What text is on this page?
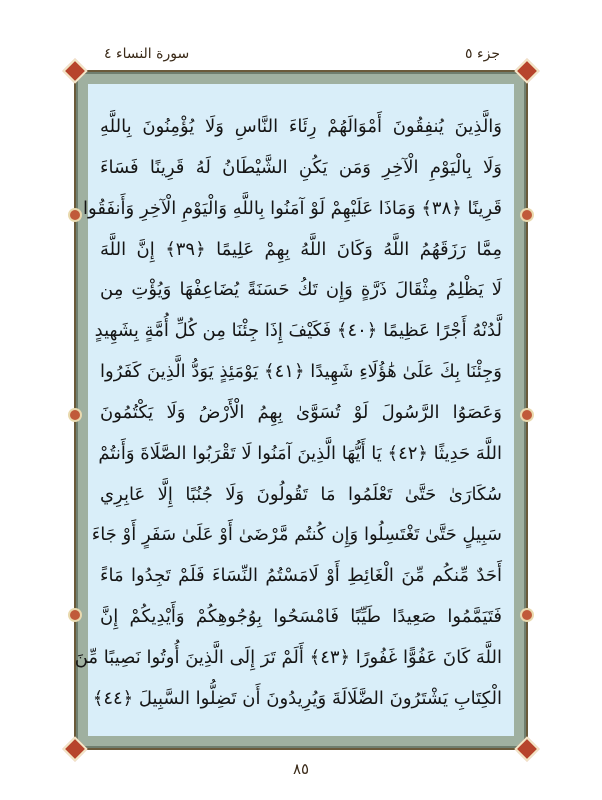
جزء ٥
سورة النساء ٤
وَالَّذِينَ يُنفِقُونَ أَمْوَالَهُمْ رِئَاءَ النَّاسِ وَلَا يُؤْمِنُونَ بِاللَّهِ
وَلَا بِالْيَوْمِ الْآخِرِ وَمَن يَكُنِ الشَّيْطَانُ لَهُ قَرِينًا فَسَاءَ
قَرِينًا ﴿٣٨﴾ وَمَاذَا عَلَيْهِمْ لَوْ آمَنُوا بِاللَّهِ وَالْيَوْمِ الْآخِرِ وَأَنفَقُوا
مِمَّا رَزَقَهُمُ اللَّهُ وَكَانَ اللَّهُ بِهِمْ عَلِيمًا ﴿٣٩﴾ إِنَّ اللَّهَ
لَا يَظْلِمُ مِثْقَالَ ذَرَّةٍ وَإِن تَكُ حَسَنَةً يُضَاعِفْهَا وَيُؤْتِ مِن
لَّدُنْهُ أَجْرًا عَظِيمًا ﴿٤٠﴾ فَكَيْفَ إِذَا جِئْنَا مِن كُلِّ أُمَّةٍ بِشَهِيدٍ
وَجِئْنَا بِكَ عَلَىٰ هَٰؤُلَاءِ شَهِيدًا ﴿٤١﴾ يَوْمَئِذٍ يَوَدُّ الَّذِينَ كَفَرُوا
وَعَصَوُا الرَّسُولَ لَوْ تُسَوَّىٰ بِهِمُ الْأَرْضُ وَلَا يَكْتُمُونَ
اللَّهَ حَدِيثًا ﴿٤٢﴾ يَا أَيُّهَا الَّذِينَ آمَنُوا لَا تَقْرَبُوا الصَّلَاةَ وَأَنتُمْ
سُكَارَىٰ حَتَّىٰ تَعْلَمُوا مَا تَقُولُونَ وَلَا جُنُبًا إِلَّا عَابِرِي
سَبِيلٍ حَتَّىٰ تَغْتَسِلُوا وَإِن كُنتُم مَّرْضَىٰ أَوْ عَلَىٰ سَفَرٍ أَوْ جَاءَ
أَحَدٌ مِّنكُم مِّنَ الْغَائِطِ أَوْ لَامَسْتُمُ النِّسَاءَ فَلَمْ تَجِدُوا مَاءً
فَتَيَمَّمُوا صَعِيدًا طَيِّبًا فَامْسَحُوا بِوُجُوهِكُمْ وَأَيْدِيكُمْ إِنَّ
اللَّهَ كَانَ عَفُوًّا غَفُورًا ﴿٤٣﴾ أَلَمْ تَرَ إِلَى الَّذِينَ أُوتُوا نَصِيبًا مِّنَ
الْكِتَابِ يَشْتَرُونَ الضَّلَالَةَ وَيُرِيدُونَ أَن تَضِلُّوا السَّبِيلَ ﴿٤٤﴾
٨٥
